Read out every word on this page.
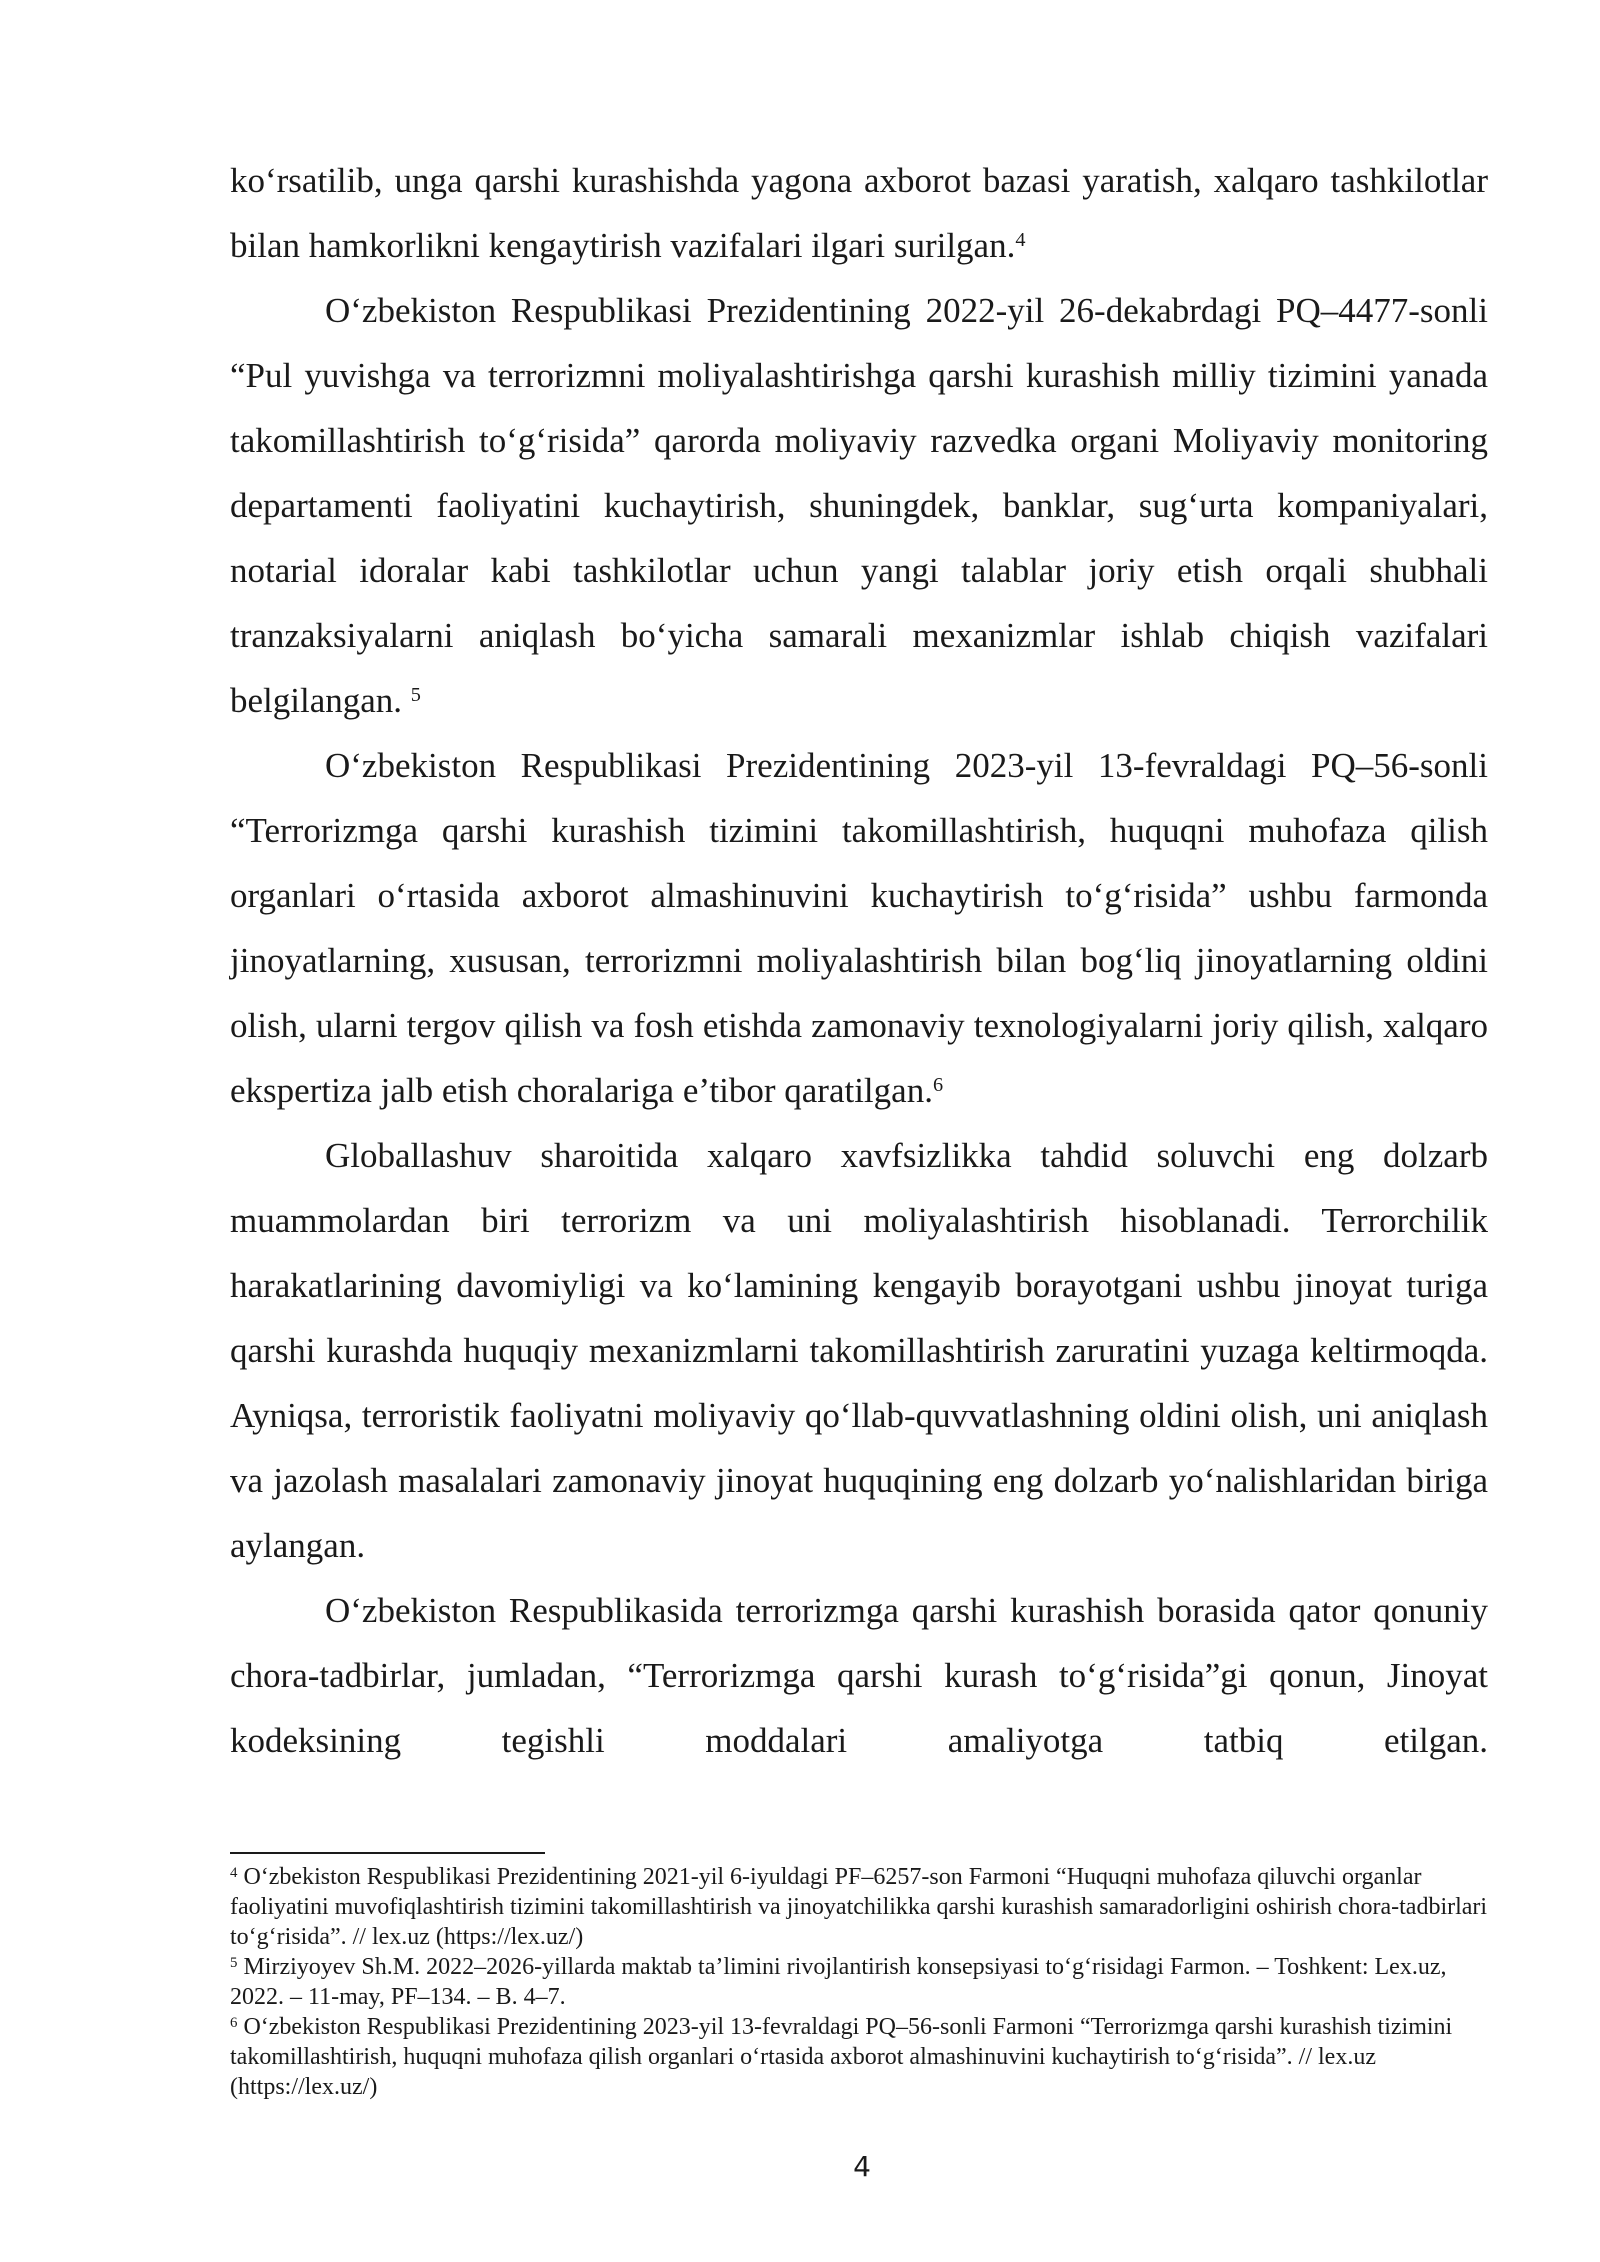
ko‘rsatilib, unga qarshi kurashishda yagona axborot bazasi yaratish, xalqaro tashkilotlar bilan hamkorlikni kengaytirish vazifalari ilgari surilgan.$^4$

O‘zbekiston Respublikasi Prezidentining 2022-yil 26-dekabrdagi PQ–4477-sonli “Pul yuvishga va terrorizmni moliyalashtirishga qarshi kurashish milliy tizimini yanada takomillashtirish to‘g‘risida” qarorda moliyaviy razvedka organi Moliyaviy monitoring departamenti faoliyatini kuchaytirish, shuningdek, banklar, sug‘urta kompaniyalari, notarial idoralar kabi tashkilotlar uchun yangi talablar joriy etish orqali shubhali tranzaksiyalarni aniqlash bo‘yicha samarali mexanizmlar ishlab chiqish vazifalari belgilangan. $^5$

O‘zbekiston Respublikasi Prezidentining 2023-yil 13-fevraldagi PQ–56-sonli “Terrorizmga qarshi kurashish tizimini takomillashtirish, huquqni muhofaza qilish organlari o‘rtasida axborot almashinuvini kuchaytirish to‘g‘risida” ushbu farmonda jinoyatlarning, xususan, terrorizmni moliyalashtirish bilan bog‘liq jinoyatlarning oldini olish, ularni tergov qilish va fosh etishda zamonaviy texnologiyalarni joriy qilish, xalqaro ekspertiza jalb etish choralariga e’tibor qaratilgan.$^6$

Globallashuv sharoitida xalqaro xavfsizlikka tahdid soluvchi eng dolzarb muammolardan biri terrorizm va uni moliyalashtirish hisoblanadi. Terrorchilik harakatlarining davomiyligi va ko‘lamining kengayib borayotgani ushbu jinoyat turiga qarshi kurashda huquqiy mexanizmlarni takomillashtirish zaruratini yuzaga keltirmoqda. Ayniqsa, terroristik faoliyatni moliyaviy qo‘llab-quvvatlashning oldini olish, uni aniqlash va jazolash masalalari zamonaviy jinoyat huquqining eng dolzarb yo‘nalishlaridan biriga aylangan.

O‘zbekiston Respublikasida terrorizmga qarshi kurashish borasida qator qonuniy chora-tadbirlar, jumladan, “Terrorizmga qarshi kurash to‘g‘risida”gi qonun, Jinoyat kodeksining tegishli moddalari amaliyotga tatbiq etilgan.

$^4$ O‘zbekiston Respublikasi Prezidentining 2021-yil 6-iyuldagi PF–6257-son Farmoni “Huquqni muhofaza qiluvchi organlar faoliyatini muvofiqlashtirish tizimini takomillashtirish va jinoyatchilikka qarshi kurashish samaradorligini oshirish chora-tadbirlari to‘g‘risida”. // lex.uz (https://lex.uz/)

$^5$ Mirziyoyev Sh.M. 2022–2026-yillarda maktab ta’limini rivojlantirish konsepsiyasi to‘g‘risidagi Farmon. – Toshkent: Lex.uz, 2022. – 11-may, PF–134. – B. 4–7.

$^6$ O‘zbekiston Respublikasi Prezidentining 2023-yil 13-fevraldagi PQ–56-sonli Farmoni “Terrorizmga qarshi kurashish tizimini takomillashtirish, huquqni muhofaza qilish organlari o‘rtasida axborot almashinuvini kuchaytirish to‘g‘risida”. // lex.uz (https://lex.uz/)

4
